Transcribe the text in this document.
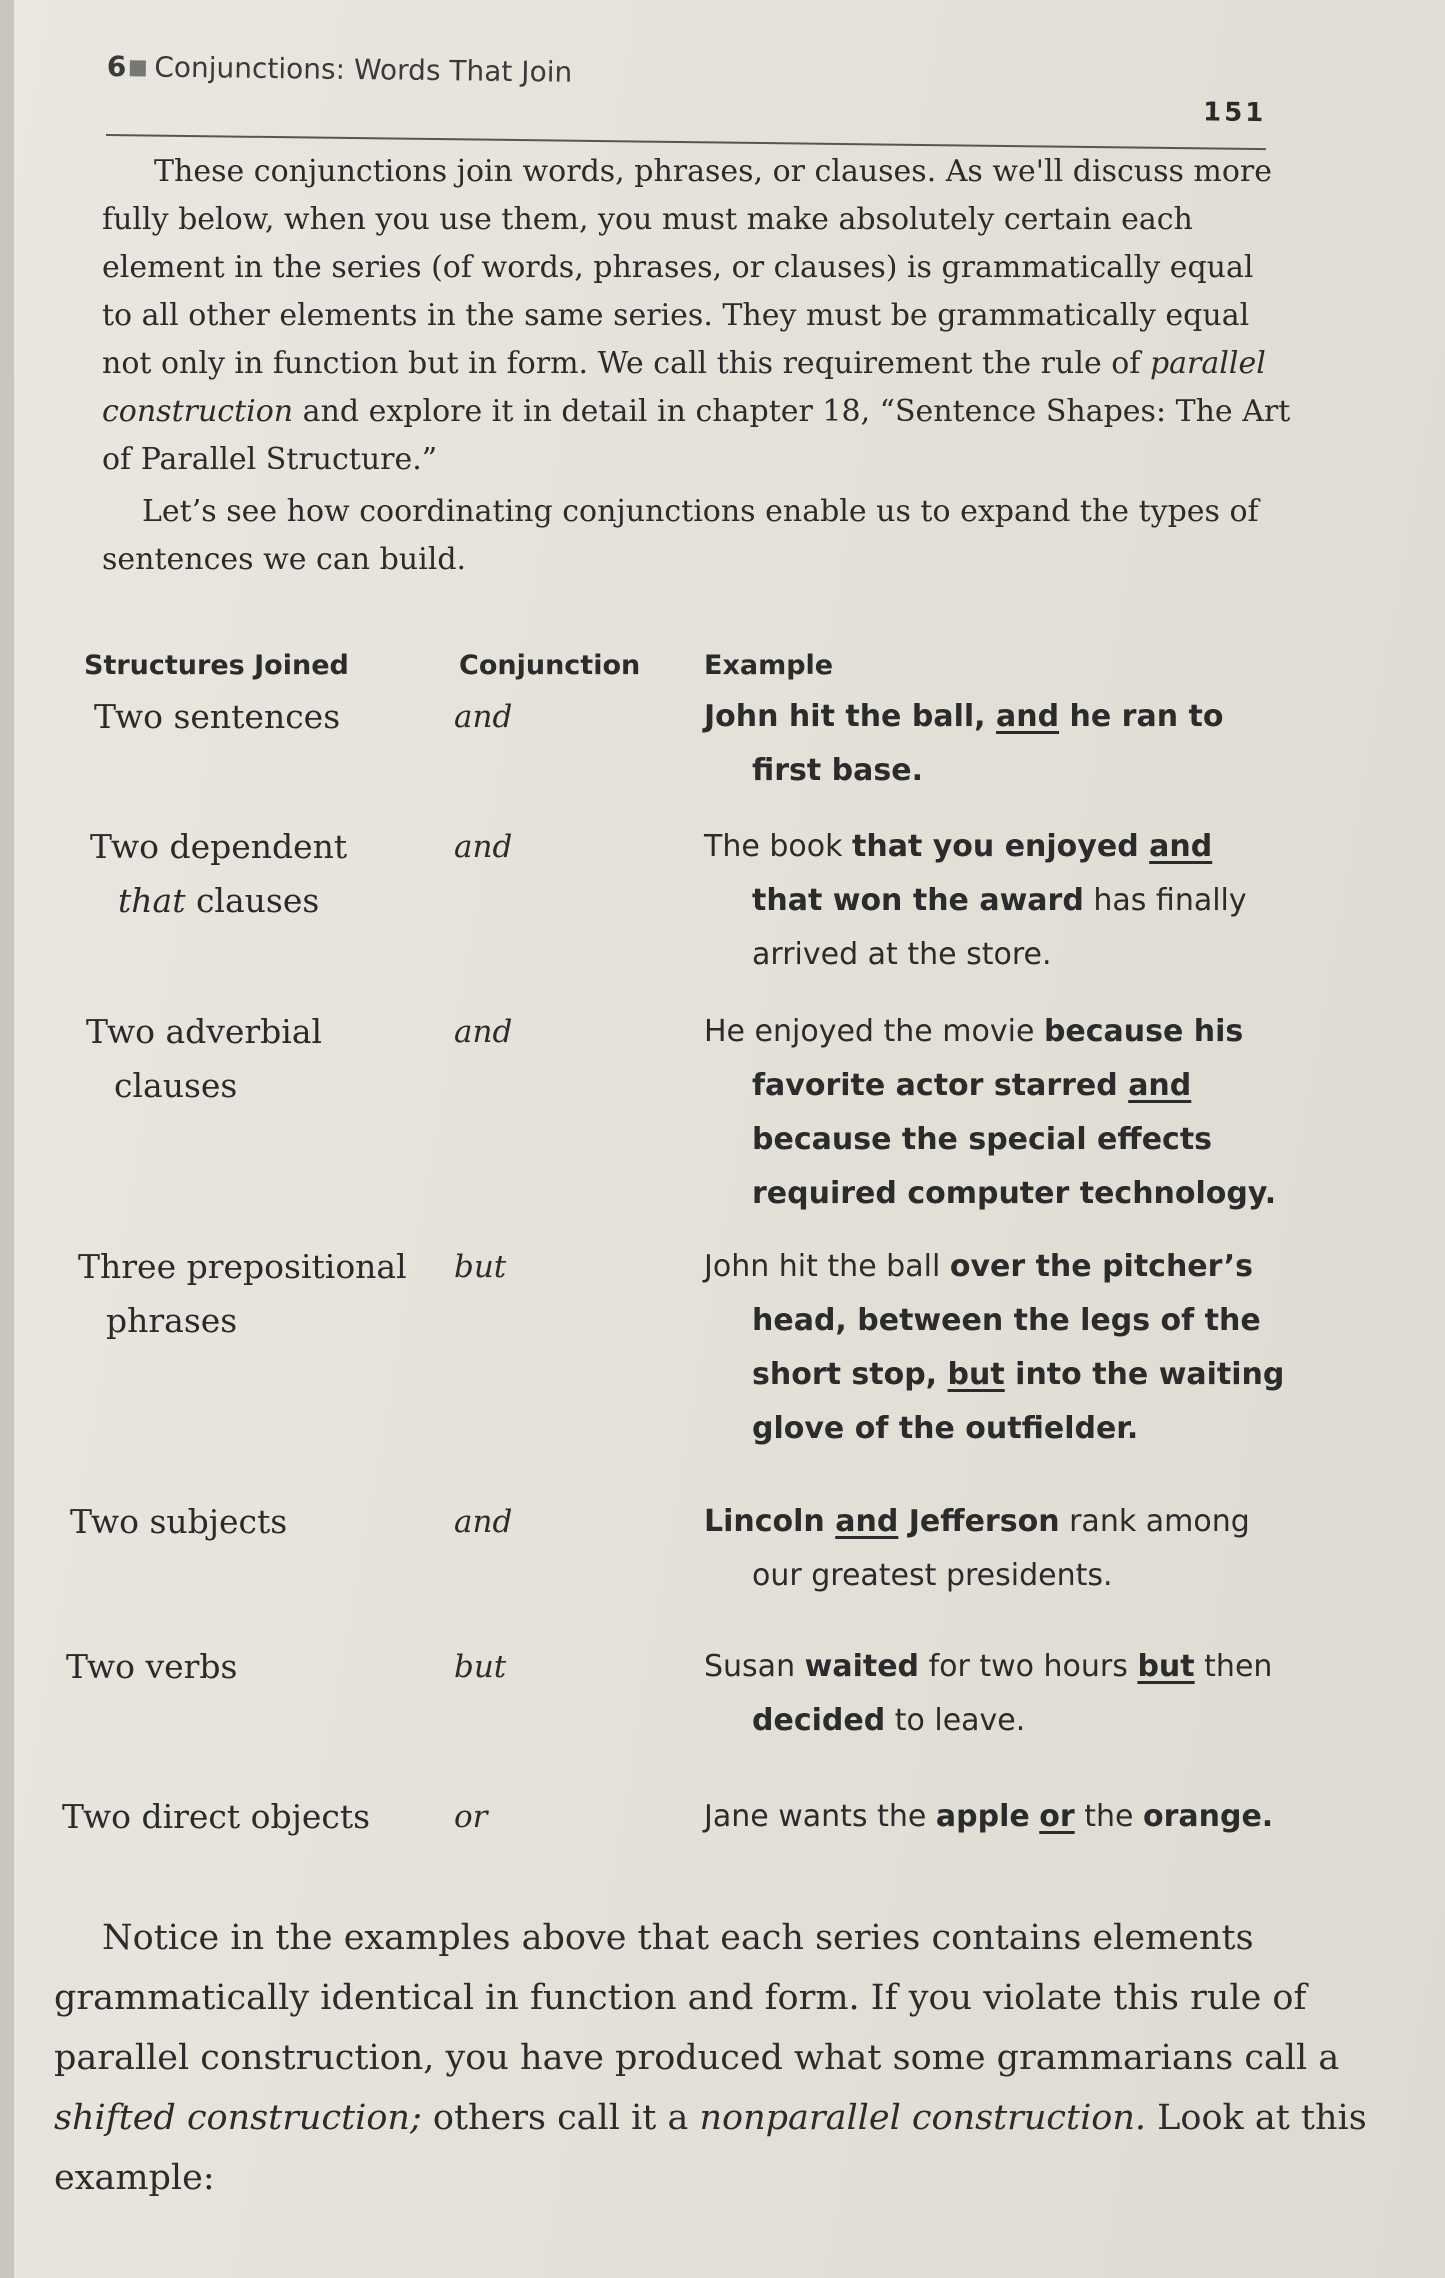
6 Conjunctions: Words That Join
151

These conjunctions join words, phrases, or clauses. As we'll discuss more fully below, when you use them, you must make absolutely certain each element in the series (of words, phrases, or clauses) is grammatically equal to all other elements in the same series. They must be grammatically equal not only in function but in form. We call this requirement the rule of parallel construction and explore it in detail in chapter 18, “Sentence Shapes: The Art of Parallel Structure.”

Let’s see how coordinating conjunctions enable us to expand the types of sentences we can build.

Structures Joined	Conjunction Example
Two sentences	and	John hit the ball, and he ran to
first base.
Two dependent
that clauses
and	The book that you enjoyed and
that won the award has finally
arrived at the store.
Two adverbial
clauses
and	He enjoyed the movie because his
favorite actor starred and
because the special effects
required computer technology.
Three prepositional
phrases
but	John hit the ball over the pitcher’s
head, between the legs of the
short stop, but into the waiting
glove of the outfielder.
Two subjects	and	Lincoln and Jefferson rank among
our greatest presidents.
Two verbs	but	Susan waited for two hours but then
decided to leave.
Two direct objects	or	Jane wants the apple or the orange.

Notice in the examples above that each series contains elements grammatically identical in function and form. If you violate this rule of parallel construction, you have produced what some grammarians call a shifted construction; others call it a nonparallel construction. Look at this example:
